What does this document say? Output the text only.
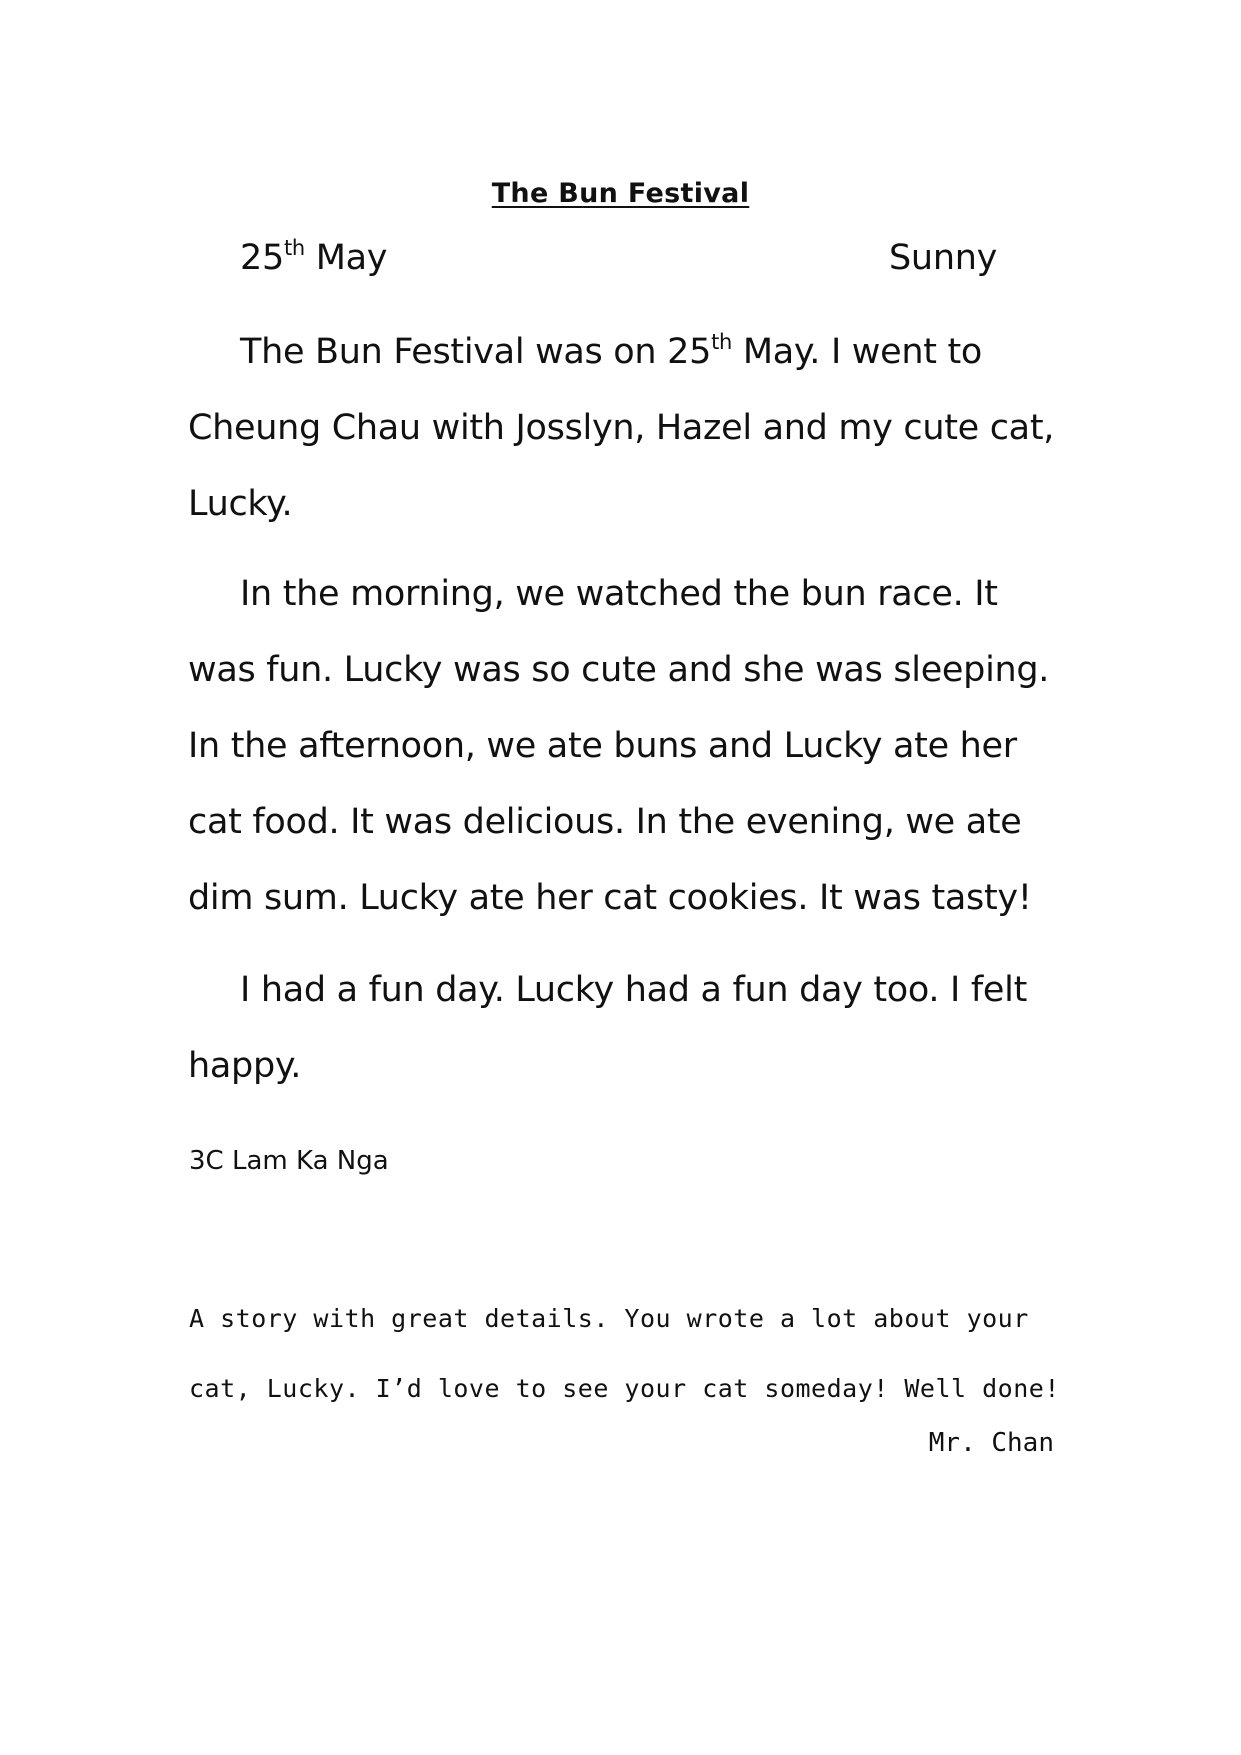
The Bun Festival
25th May	Sunny

The Bun Festival was on 25th May. I went to Cheung Chau with Josslyn, Hazel and my cute cat, Lucky.

In the morning, we watched the bun race. It was fun. Lucky was so cute and she was sleeping. In the afternoon, we ate buns and Lucky ate her cat food. It was delicious. In the evening, we ate dim sum. Lucky ate her cat cookies. It was tasty!

I had a fun day. Lucky had a fun day too. I felt happy.

3C Lam Ka Nga

A story with great details. You wrote a lot about your cat, Lucky. I’d love to see your cat someday! Well done!

Mr. Chan
